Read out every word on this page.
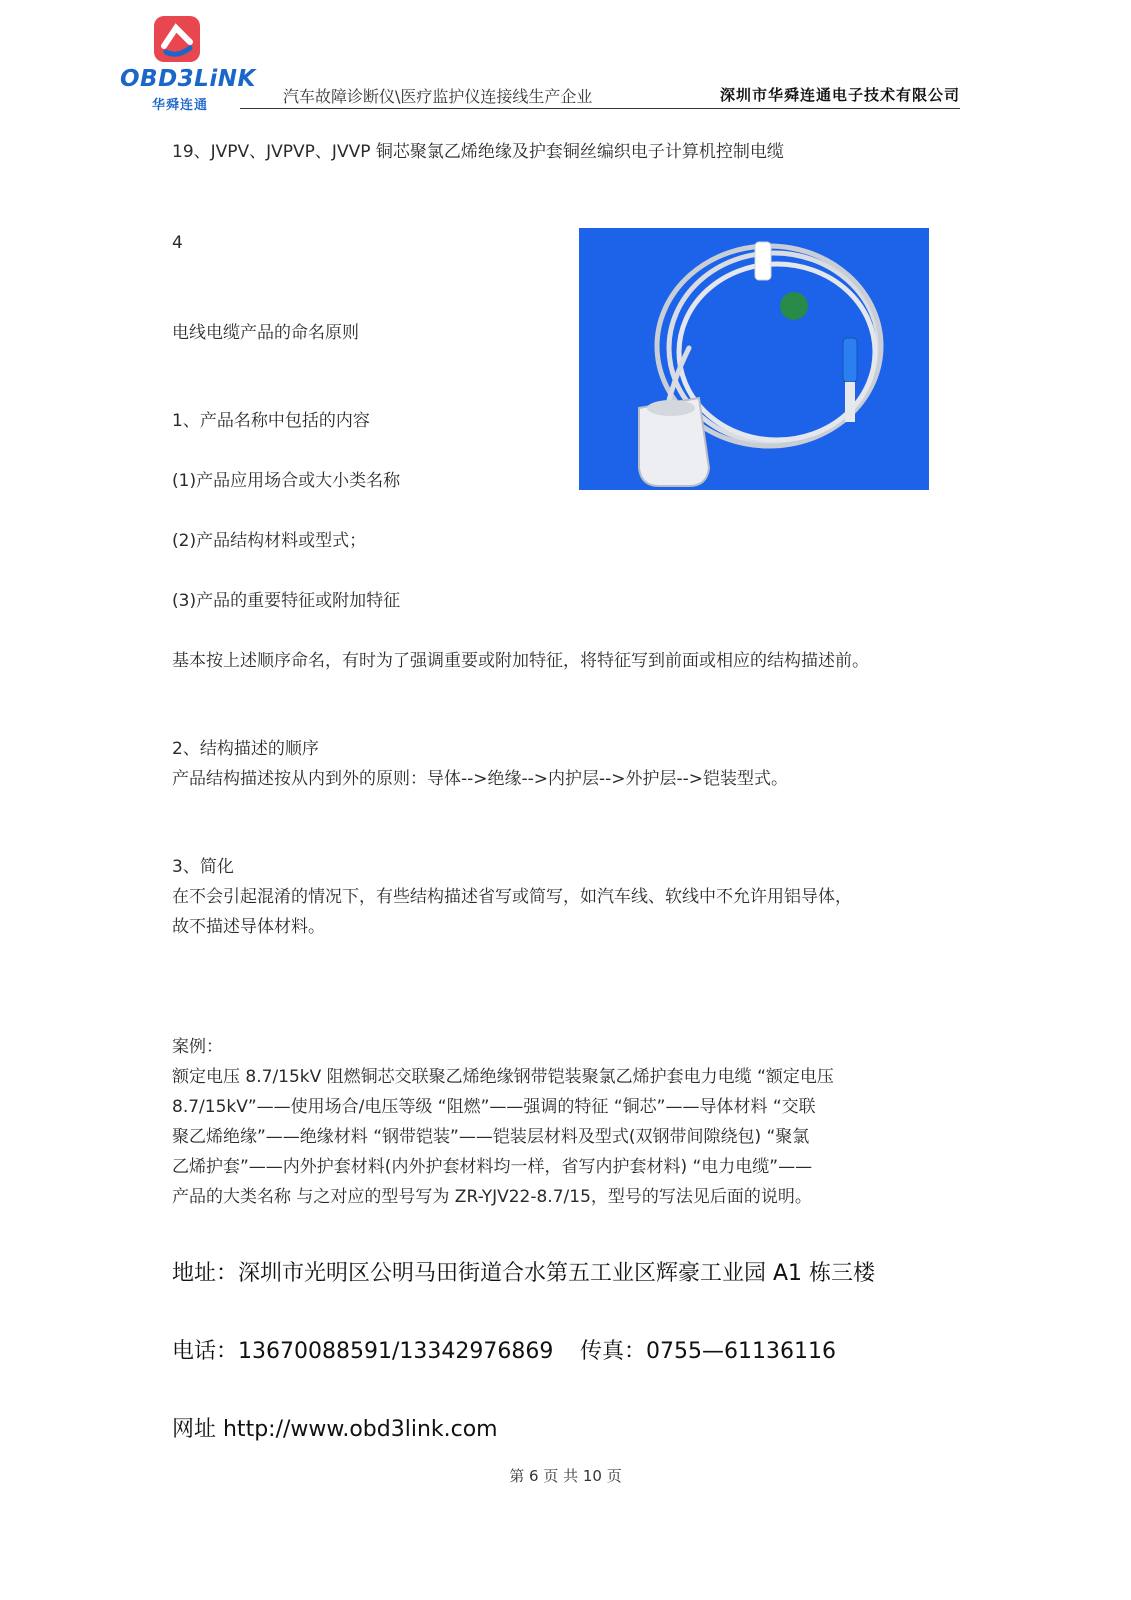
OBD3LiNK
华舜连通	汽车故障诊断仪\医疗监护仪连接线生产企业	深圳市华舜连通电子技术有限公司
19、JVPV、JVPVP、JVVP 铜芯聚氯乙烯绝缘及护套铜丝编织电子计算机控制电缆
4
电线电缆产品的命名原则
1、产品名称中包括的内容
(1)产品应用场合或大小类名称
(2)产品结构材料或型式；
(3)产品的重要特征或附加特征
基本按上述顺序命名，有时为了强调重要或附加特征，将特征写到前面或相应的结构描述前。
2、结构描述的顺序
产品结构描述按从内到外的原则：导体-->绝缘-->内护层-->外护层-->铠装型式。
3、简化
在不会引起混淆的情况下，有些结构描述省写或简写，如汽车线、软线中不允许用铝导体，
故不描述导体材料。
案例：
额定电压 8.7/15kV 阻燃铜芯交联聚乙烯绝缘钢带铠装聚氯乙烯护套电力电缆 “额定电压
8.7/15kV”——使用场合/电压等级 “阻燃”——强调的特征 “铜芯”——导体材料 “交联
聚乙烯绝缘”——绝缘材料 “钢带铠装”——铠装层材料及型式(双钢带间隙绕包) “聚氯
乙烯护套”——内外护套材料(内外护套材料均一样，省写内护套材料) “电力电缆”——
产品的大类名称 与之对应的型号写为 ZR-YJV22-8.7/15，型号的写法见后面的说明。
地址：深圳市光明区公明马田街道合水第五工业区辉豪工业园 A1 栋三楼
电话：13670088591/13342976869 传真：0755—61136116
网址 http://www.obd3link.com
第 6 页 共 10 页
